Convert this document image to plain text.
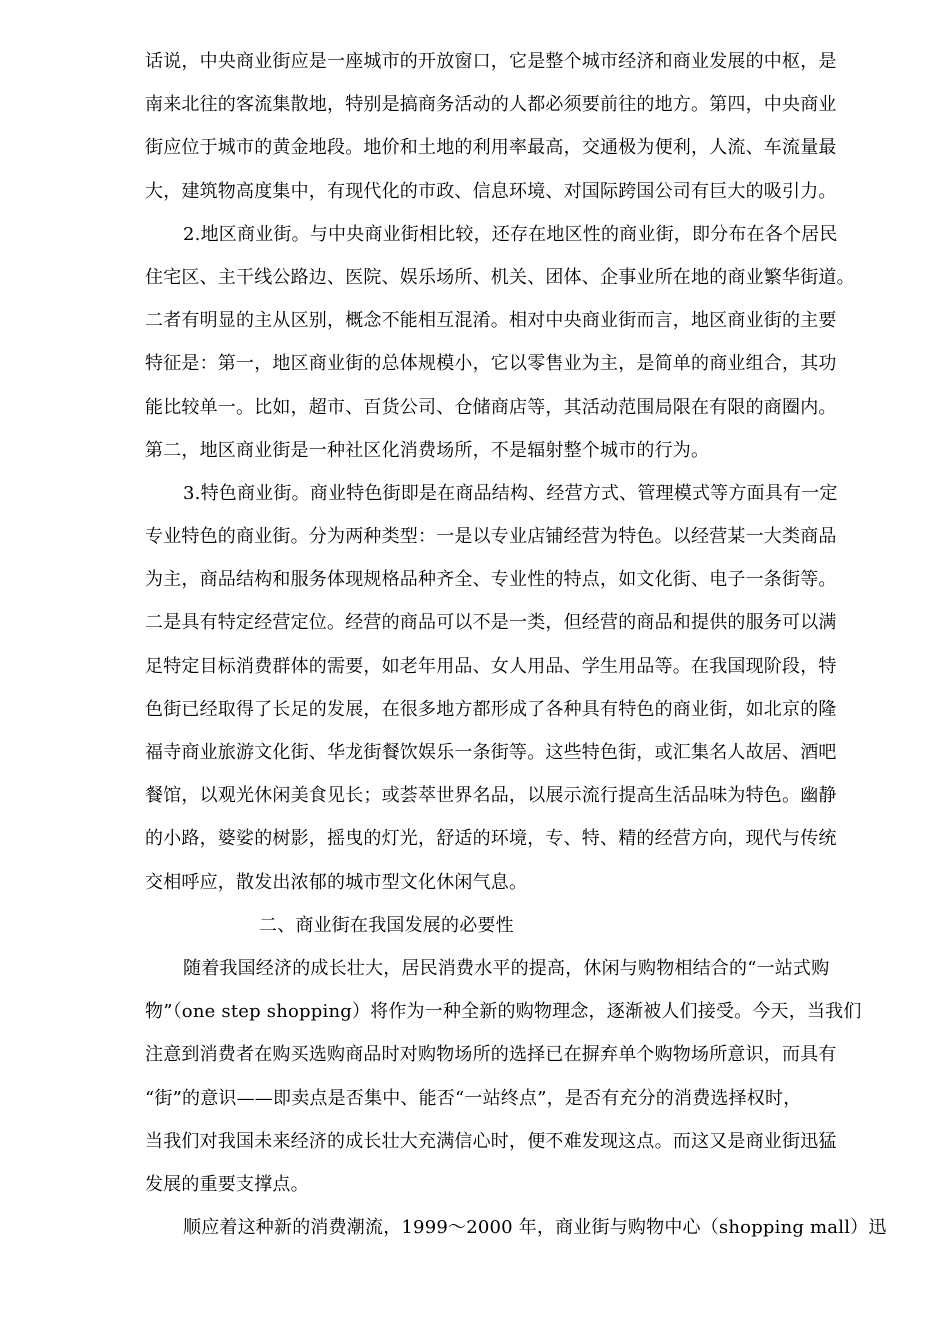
话说，中央商业街应是一座城市的开放窗口，它是整个城市经济和商业发展的中枢，是
南来北往的客流集散地，特别是搞商务活动的人都必须要前往的地方。第四，中央商业
街应位于城市的黄金地段。地价和土地的利用率最高，交通极为便利，人流、车流量最
大，建筑物高度集中，有现代化的市政、信息环境、对国际跨国公司有巨大的吸引力。
2.地区商业街。与中央商业街相比较，还存在地区性的商业街，即分布在各个居民
住宅区、主干线公路边、医院、娱乐场所、机关、团体、企事业所在地的商业繁华街道。
二者有明显的主从区别，概念不能相互混淆。相对中央商业街而言，地区商业街的主要
特征是：第一，地区商业街的总体规模小，它以零售业为主，是简单的商业组合，其功
能比较单一。比如，超市、百货公司、仓储商店等，其活动范围局限在有限的商圈内。
第二，地区商业街是一种社区化消费场所，不是辐射整个城市的行为。
3.特色商业街。商业特色街即是在商品结构、经营方式、管理模式等方面具有一定
专业特色的商业街。分为两种类型：一是以专业店铺经营为特色。以经营某一大类商品
为主，商品结构和服务体现规格品种齐全、专业性的特点，如文化街、电子一条街等。
二是具有特定经营定位。经营的商品可以不是一类，但经营的商品和提供的服务可以满
足特定目标消费群体的需要，如老年用品、女人用品、学生用品等。在我国现阶段，特
色街已经取得了长足的发展，在很多地方都形成了各种具有特色的商业街，如北京的隆
福寺商业旅游文化街、华龙街餐饮娱乐一条街等。这些特色街，或汇集名人故居、酒吧
餐馆，以观光休闲美食见长；或荟萃世界名品，以展示流行提高生活品味为特色。幽静
的小路，婆娑的树影，摇曳的灯光，舒适的环境，专、特、精的经营方向，现代与传统
交相呼应，散发出浓郁的城市型文化休闲气息。
二、商业街在我国发展的必要性
随着我国经济的成长壮大，居民消费水平的提高，休闲与购物相结合的“一站式购
物”（one step shopping）将作为一种全新的购物理念，逐渐被人们接受。今天，当我们
注意到消费者在购买选购商品时对购物场所的选择已在摒弃单个购物场所意识，而具有
“街”的意识——即卖点是否集中、能否“一站终点”，是否有充分的消费选择权时，
当我们对我国未来经济的成长壮大充满信心时，便不难发现这点。而这又是商业街迅猛
发展的重要支撑点。
顺应着这种新的消费潮流，1999～2000 年，商业街与购物中心（shopping mall）迅
